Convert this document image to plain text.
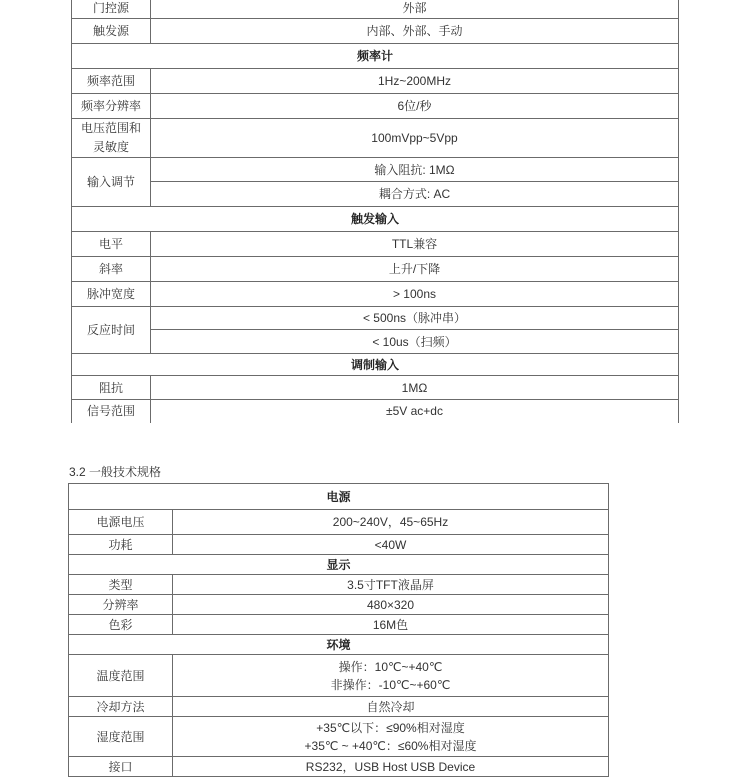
门控源	外部
触发源	内部、外部、手动
频率计	
频率范围	1Hz~200MHz
频率分辨率	6位/秒
电压范围和灵敏度	100mVpp~5Vpp
输入调节	输入阻抗: 1MΩ
	耦合方式: AC
触发输入	
电平	TTL兼容
斜率	上升/下降
脉冲宽度	> 100ns
反应时间	< 500ns（脉冲串）
	< 10us（扫频）
调制输入	
阻抗	1MΩ
信号范围	±5V ac+dc
3.2 一般技术规格
电源	
电源电压	200~240V，45~65Hz
功耗	<40W
显示	
类型	3.5寸TFT液晶屏
分辨率	480×320
色彩	16M色
环境	
温度范围	操作：10℃~+40℃
非操作：-10℃~+60℃

冷却方法	自然冷却
湿度范围	+35℃以下：≤90%相对湿度
+35℃ ~ +40℃：≤60%相对湿度

接口	RS232，USB Host USB Device
